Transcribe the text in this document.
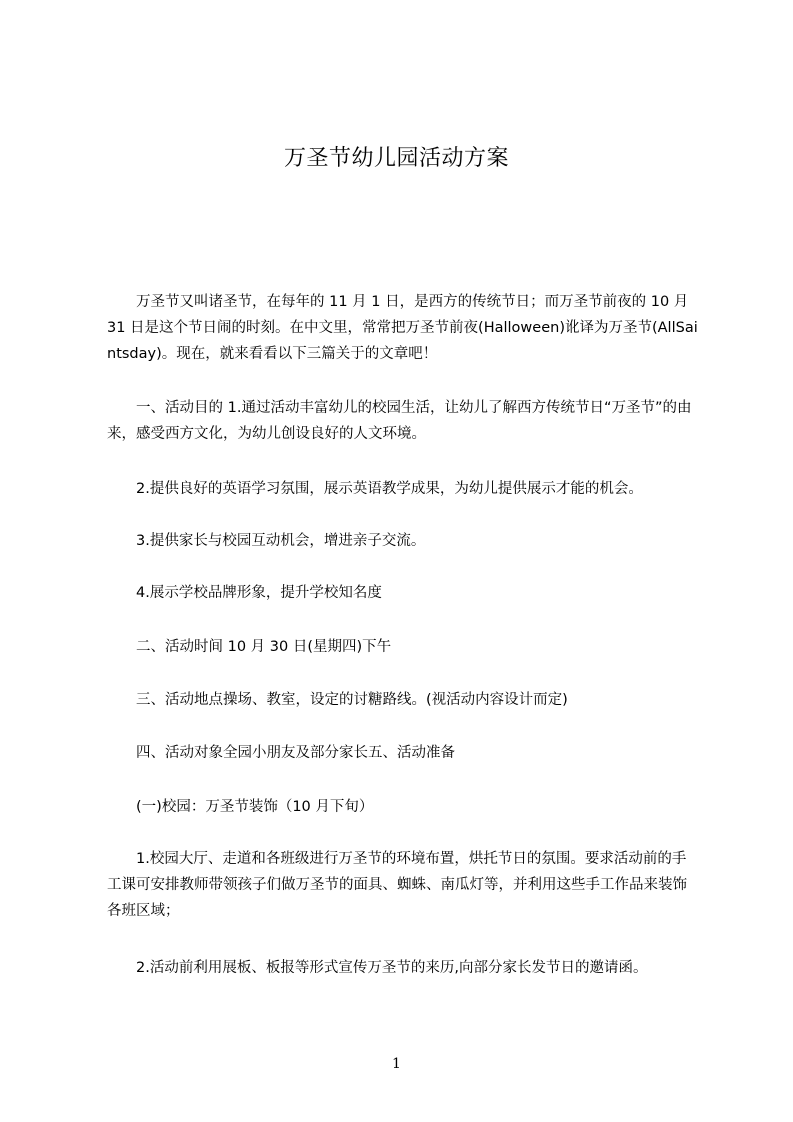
万圣节幼儿园活动方案
万圣节又叫诸圣节，在每年的 11 月 1 日，是西方的传统节日；而万圣节前夜的 10 月 31 日是这个节日闹的时刻。在中文里，常常把万圣节前夜(Halloween)讹译为万圣节(AllSaintsday)。现在，就来看看以下三篇关于的文章吧！
一、活动目的 1.通过活动丰富幼儿的校园生活，让幼儿了解西方传统节日“万圣节”的由来，感受西方文化，为幼儿创设良好的人文环境。
2.提供良好的英语学习氛围，展示英语教学成果，为幼儿提供展示才能的机会。
3.提供家长与校园互动机会，增进亲子交流。
4.展示学校品牌形象，提升学校知名度
二、活动时间 10 月 30 日(星期四)下午
三、活动地点操场、教室，设定的讨糖路线。(视活动内容设计而定)
四、活动对象全园小朋友及部分家长五、活动准备
(一)校园：万圣节装饰（10 月下旬）
1.校园大厅、走道和各班级进行万圣节的环境布置，烘托节日的氛围。要求活动前的手工课可安排教师带领孩子们做万圣节的面具、蜘蛛、南瓜灯等，并利用这些手工作品来装饰各班区域；
2.活动前利用展板、板报等形式宣传万圣节的来历,向部分家长发节日的邀请函。
1
